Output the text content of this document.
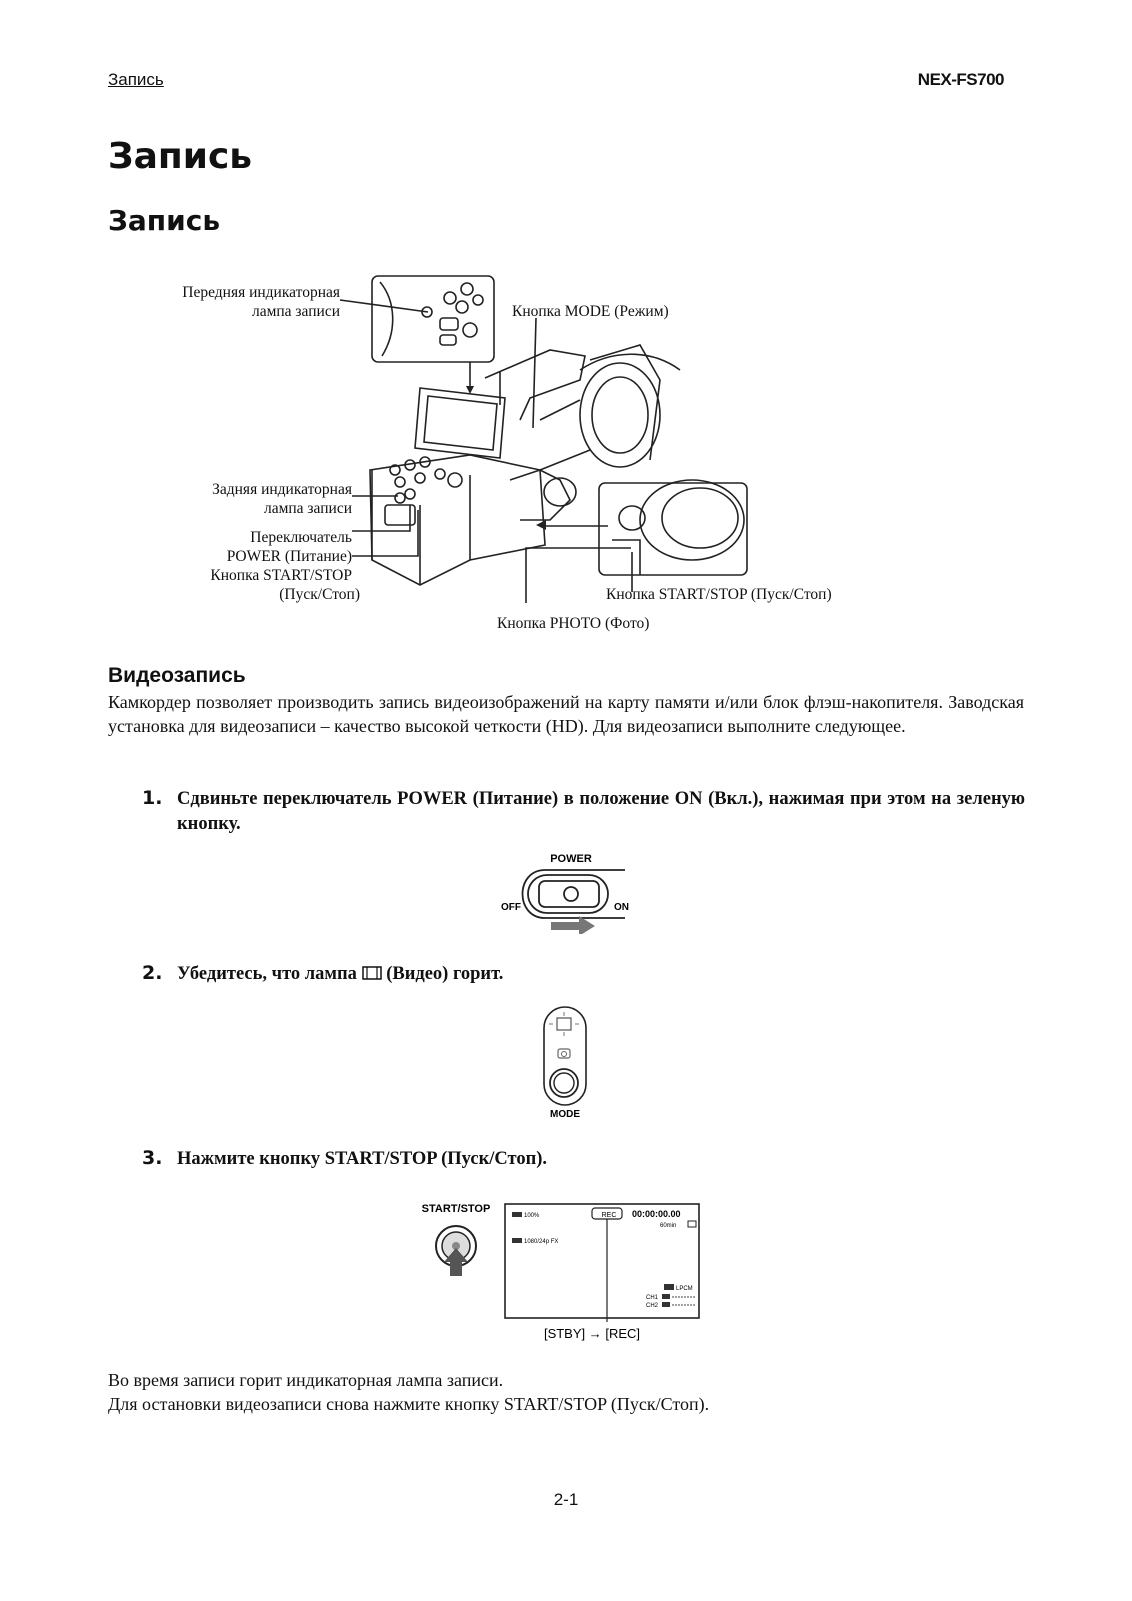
Запись	NEX-FS700
Запись
Запись
Передняя индикаторная
лампа записи	Кнопка MODE (Режим)
Задняя индикаторная
лампа записи
Переключатель
POWER (Питание)
Кнопка START/STOP
(Пуск/Стоп)	Кнопка START/STOP (Пуск/Стоп)
Кнопка PHOTO (Фото)
Видеозапись
Камкордер позволяет производить запись видеоизображений на карту памяти и/или блок флэш-накопителя. Заводская установка для видеозаписи – качество высокой четкости (HD). Для видеозаписи выполните следующее.
1. Сдвиньте переключатель POWER (Питание) в положение ON (Вкл.), нажимая при этом на зеленую кнопку.
POWER
OFF	ON
2. Убедитесь, что лампа (Видео) горит.
MODE
3. Нажмите кнопку START/STOP (Пуск/Стоп).
START/STOP
100%
1080/24p FX
REC 00:00:00.00
60min
LPCM
CH1
CH2
[STBY] → [REC]
Во время записи горит индикаторная лампа записи.
Для остановки видеозаписи снова нажмите кнопку START/STOP (Пуск/Стоп).
2-1
